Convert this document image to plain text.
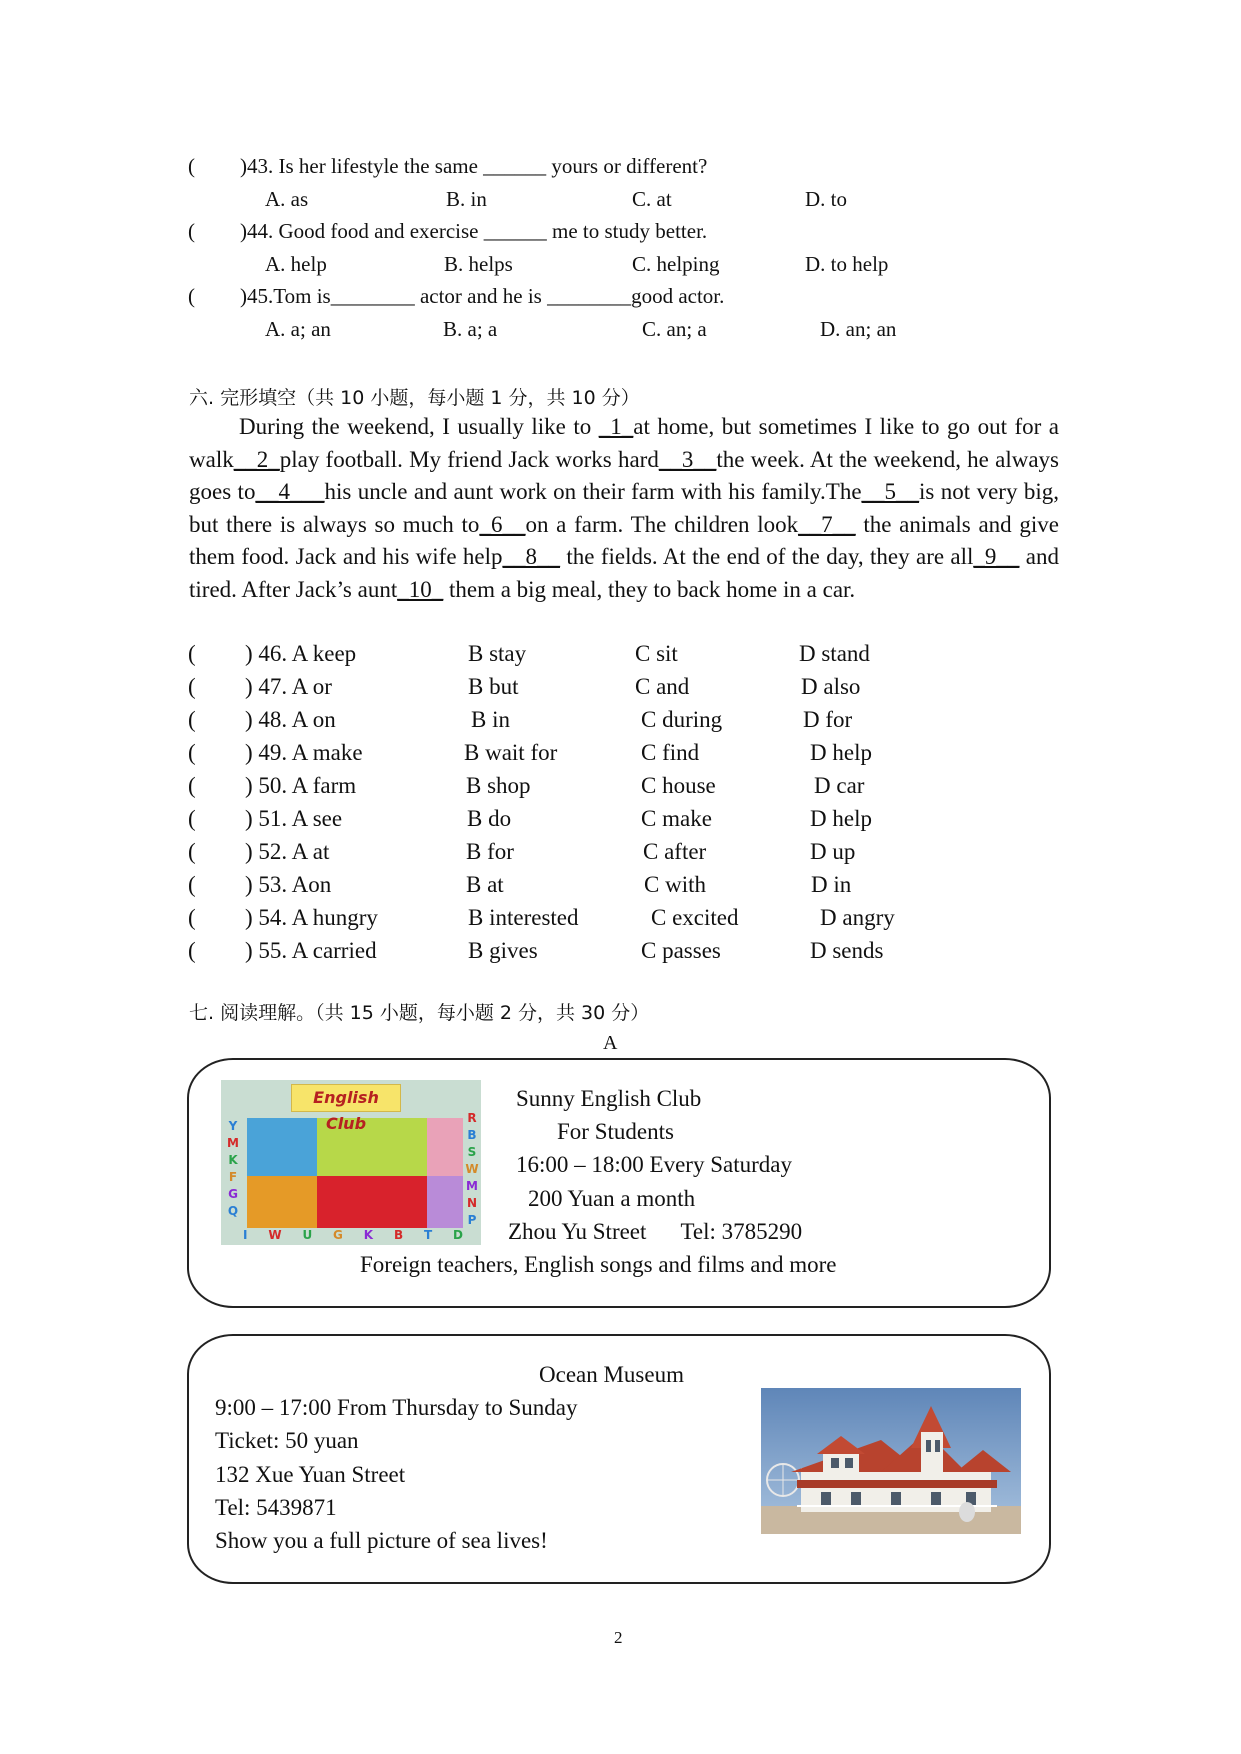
( )43. Is her lifestyle the same ______ yours or different?
A. as	B. in	C. at	D. to
( )44. Good food and exercise ______ me to study better.
A. help	B. helps	C. helping	D. to help
( )45.Tom is________ actor and he is ________good actor.
A. a; an	B. a; a	C. an; a	D. an; an
六. 完形填空（共 10 小题，每小题 1 分，共 10 分）
During the weekend, I usually like to _1_at home, but sometimes I like to go out for a walk__2_play football. My friend Jack works hard__3__the week. At the weekend, he always goes to__4___his uncle and aunt work on their farm with his family.The__5__is not very big, but there is always so much to_6__on a farm. The children look__7__ the animals and give them food. Jack and his wife help__8__ the fields. At the end of the day, they are all_9__ and tired. After Jack’s aunt_10_ them a big meal, they to back home in a car.
( ) 46. A keep	B stay	C sit	D stand
( ) 47. A or	B but	C and	D also
( ) 48. A on	B in	C during	D for
( ) 49. A make	B wait for	C find	D help
( ) 50. A farm	B shop	C house	D car
( ) 51. A see	B do	C make	D help
( ) 52. A at	B for	C after	D up
( ) 53. Aon	B at	C with	D in
( ) 54. A hungry	B interested	C excited	D angry
( ) 55. A carried	B gives	C passes	D sends
七. 阅读理解。（共 15 小题，每小题 2 分，共 30 分）
A
English Club
Y
M
K
F
G
Q
R
B
S
W
M
N
P
I W U G K B T D
Sunny English Club
For Students
16:00 – 18:00 Every Saturday
200 Yuan a month
Zhou Yu Street      Tel: 3785290
Foreign teachers, English songs and films and more
Ocean Museum
9:00 – 17:00 From Thursday to Sunday
Ticket: 50 yuan
132 Xue Yuan Street
Tel: 5439871
Show you a full picture of sea lives!
2
